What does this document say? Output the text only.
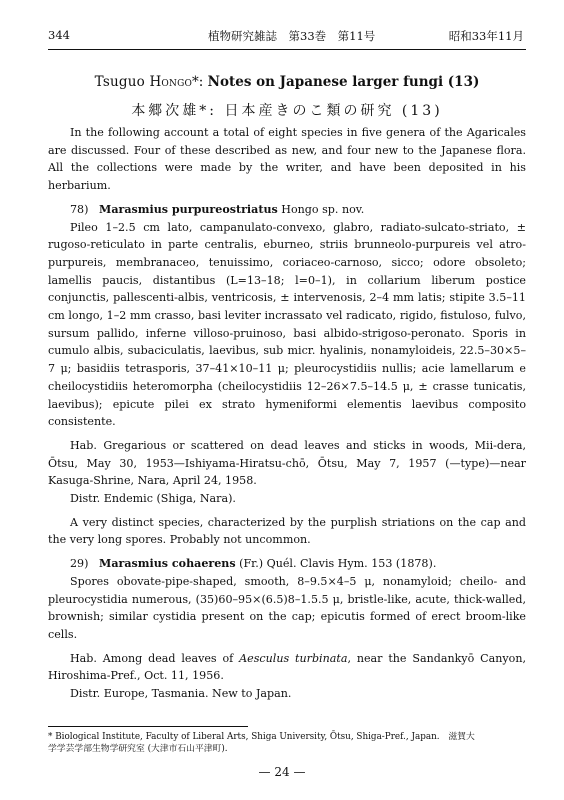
344	植物研究雑誌　第33巻　第11号	昭和33年11月
Tsuguo Hongo*: Notes on Japanese larger fungi (13)
本郷次雄*: 日本産きのこ類の研究 (13)

In the following account a total of eight species in five genera of the Agaricales are discussed. Four of these described as new, and four new to the Japanese flora. All the collections were made by the writer, and have been deposited in his herbarium.

78) Marasmius purpureostriatus Hongo sp. nov.

Pileo 1–2.5 cm lato, campanulato-convexo, glabro, radiato-sulcato-striato, ± rugoso-reticulato in parte centralis, eburneo, striis brunneolo-purpureis vel atro-purpureis, membranaceo, tenuissimo, coriaceo-carnoso, sicco; odore obsoleto; lamellis paucis, distantibus (L=13–18; l=0–1), in collarium liberum postice conjunctis, pallescenti-albis, ventricosis, ± intervenosis, 2–4 mm latis; stipite 3.5–11 cm longo, 1–2 mm crasso, basi leviter incrassato vel radicato, rigido, fistuloso, fulvo, sursum pallido, inferne villoso-pruinoso, basi albido-strigoso-peronato. Sporis in cumulo albis, subaciculatis, laevibus, sub micr. hyalinis, nonamyloideis, 22.5–30×5–7 μ; basidiis tetrasporis, 37–41×10–11 μ; pleurocystidiis nullis; acie lamellarum e cheilocystidiis heteromorpha (cheilocystidiis 12–26×7.5–14.5 μ, ± crasse tunicatis, laevibus); epicute pilei ex strato hymeniformi elementis laevibus composito consistente.

Hab. Gregarious or scattered on dead leaves and sticks in woods, Mii-dera, Ōtsu, May 30, 1953—Ishiyama-Hiratsu-chō, Ōtsu, May 7, 1957 (—type)—near Kasuga-Shrine, Nara, April 24, 1958.

Distr. Endemic (Shiga, Nara).

A very distinct species, characterized by the purplish striations on the cap and the very long spores. Probably not uncommon.

29) Marasmius cohaerens (Fr.) Quél. Clavis Hym. 153 (1878).

Spores obovate-pipe-shaped, smooth, 8–9.5×4–5 μ, nonamyloid; cheilo- and pleurocystidia numerous, (35)60–95×(6.5)8–1.5.5 μ, bristle-like, acute, thick-walled, brownish; similar cystidia present on the cap; epicutis formed of erect broom-like cells.

Hab. Among dead leaves of Aesculus turbinata, near the Sandankyō Canyon, Hiroshima-Pref., Oct. 11, 1956.

Distr. Europe, Tasmania. New to Japan.

* Biological Institute, Faculty of Liberal Arts, Shiga University, Ōtsu, Shiga-Pref., Japan.　滋賀大
学学芸学部生物学研究室 (大津市石山平津町).
— 24 —
